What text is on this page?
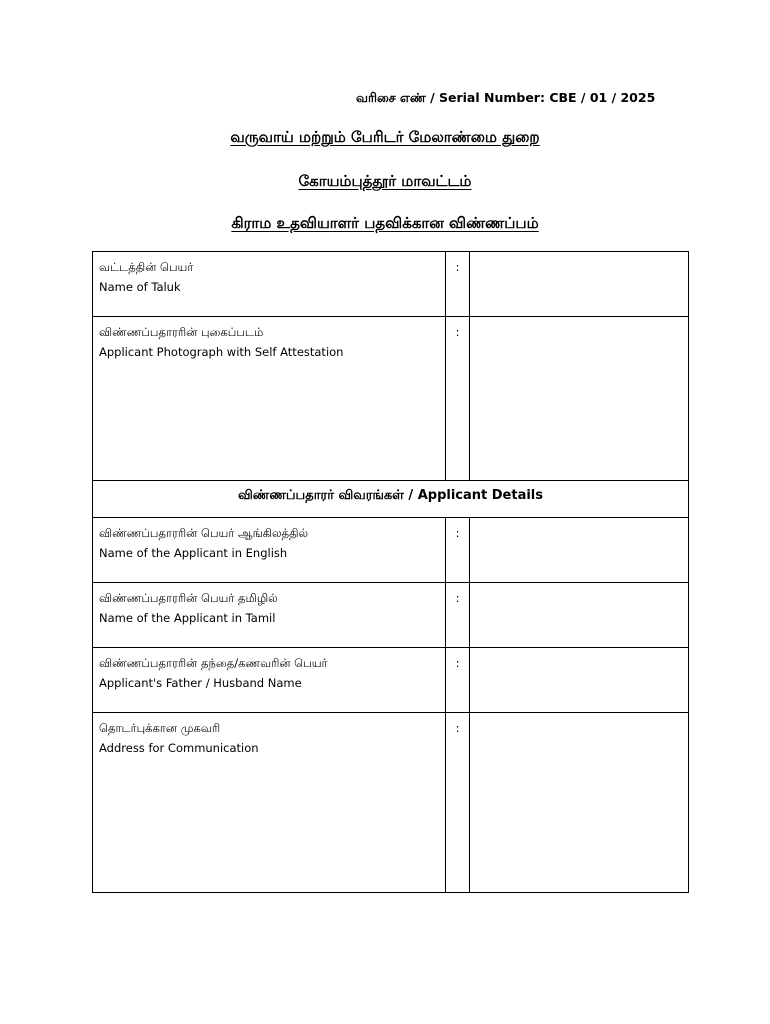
வரிசை எண் / Serial Number: CBE / 01 / 2025
வருவாய் மற்றும் பேரிடர் மேலாண்மை துறை
கோயம்புத்தூர் மாவட்டம்
கிராம உதவியாளர் பதவிக்கான விண்ணப்பம்
வட்டத்தின் பெயர்
Name of Taluk	:	

விண்ணப்பதாரரின் புகைப்படம்
Applicant Photograph with Self Attestation	:	
விண்ணப்பதாரர் விவரங்கள் / Applicant Details		

விண்ணப்பதாரரின் பெயர் ஆங்கிலத்தில்
Name of the Applicant in English	:	

விண்ணப்பதாரரின் பெயர் தமிழில்
Name of the Applicant in Tamil	:	

விண்ணப்பதாரரின் தந்தை/கணவரின் பெயர்
Applicant's Father / Husband Name	:	

தொடர்புக்கான முகவரி
Address for Communication	:	
